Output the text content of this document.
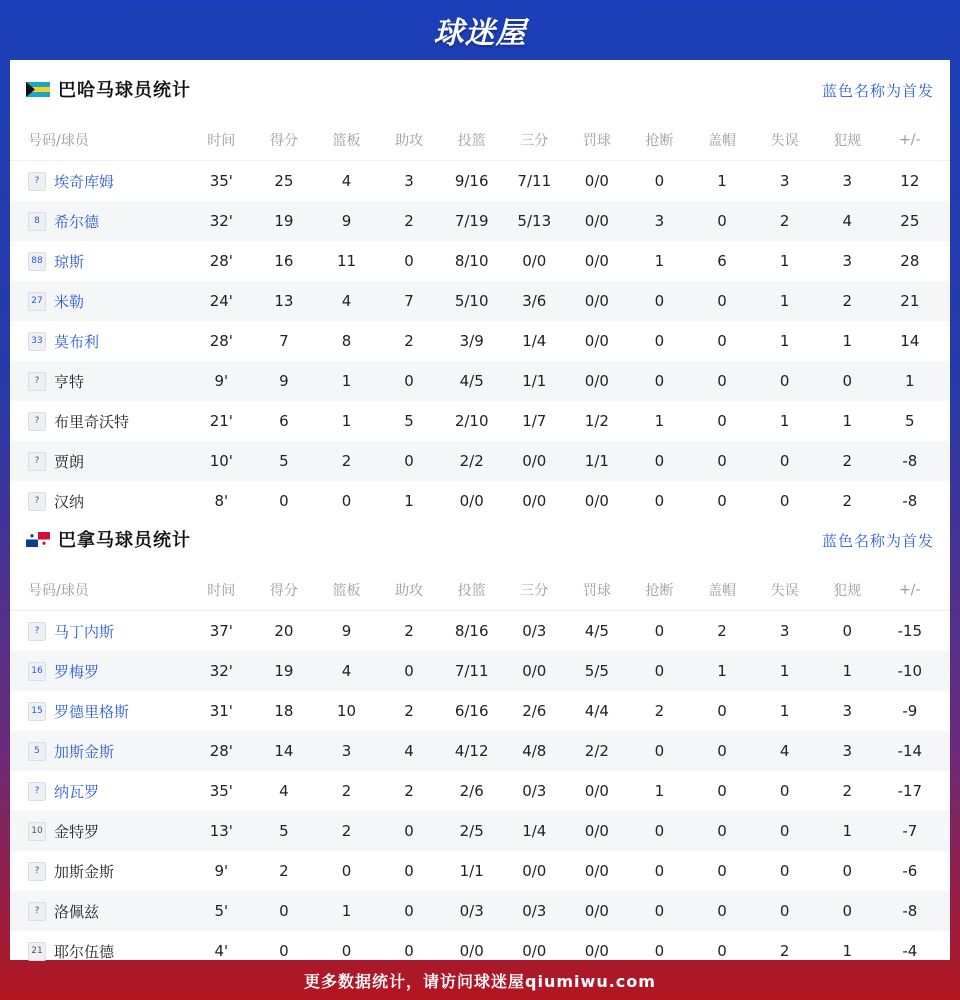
球迷屋
巴哈马球员统计	蓝色名称为首发
号码/球员	时间	得分	篮板	助攻	投篮	三分	罚球	抢断	盖帽	失误	犯规	+/-
? 埃奇库姆	35'	25	4	3	9/16	7/11	0/0	0	1	3	3	12
8 希尔德	32'	19	9	2	7/19	5/13	0/0	3	0	2	4	25
88 琼斯	28'	16	11	0	8/10	0/0	0/0	1	6	1	3	28
27 米勒	24'	13	4	7	5/10	3/6	0/0	0	0	1	2	21
33 莫布利	28'	7	8	2	3/9	1/4	0/0	0	0	1	1	14
? 亨特	9'	9	1	0	4/5	1/1	0/0	0	0	0	0	1
? 布里奇沃特	21'	6	1	5	2/10	1/7	1/2	1	0	1	1	5
? 贾朗	10'	5	2	0	2/2	0/0	1/1	0	0	0	2	-8
? 汉纳	8'	0	0	1	0/0	0/0	0/0	0	0	0	2	-8
巴拿马球员统计	蓝色名称为首发
号码/球员	时间	得分	篮板	助攻	投篮	三分	罚球	抢断	盖帽	失误	犯规	+/-
? 马丁内斯	37'	20	9	2	8/16	0/3	4/5	0	2	3	0	-15
16 罗梅罗	32'	19	4	0	7/11	0/0	5/5	0	1	1	1	-10
15 罗德里格斯	31'	18	10	2	6/16	2/6	4/4	2	0	1	3	-9
5 加斯金斯	28'	14	3	4	4/12	4/8	2/2	0	0	4	3	-14
? 纳瓦罗	35'	4	2	2	2/6	0/3	0/0	1	0	0	2	-17
10 金特罗	13'	5	2	0	2/5	1/4	0/0	0	0	0	1	-7
? 加斯金斯	9'	2	0	0	1/1	0/0	0/0	0	0	0	0	-6
? 洛佩兹	5'	0	1	0	0/3	0/3	0/0	0	0	0	0	-8
21 耶尔伍德	4'	0	0	0	0/0	0/0	0/0	0	0	2	1	-4
更多数据统计，请访问球迷屋qiumiwu.com
